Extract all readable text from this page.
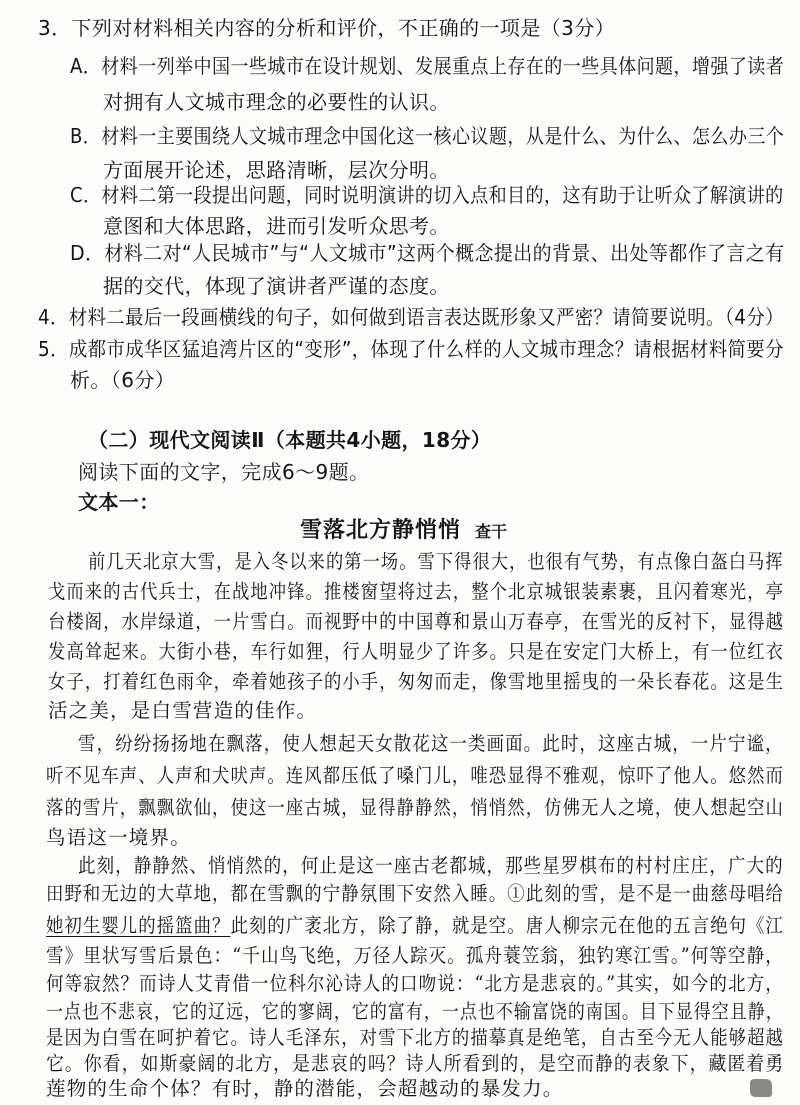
3．下列对材料相关内容的分析和评价，不正确的一项是（3分）
A．材料一列举中国一些城市在设计规划、发展重点上存在的一些具体问题，增强了读者
对拥有人文城市理念的必要性的认识。
B．材料一主要围绕人文城市理念中国化这一核心议题，从是什么、为什么、怎么办三个
方面展开论述，思路清晰，层次分明。
C．材料二第一段提出问题，同时说明演讲的切入点和目的，这有助于让听众了解演讲的
意图和大体思路，进而引发听众思考。
D．材料二对“人民城市”与“人文城市”这两个概念提出的背景、出处等都作了言之有
据的交代，体现了演讲者严谨的态度。
4．材料二最后一段画横线的句子，如何做到语言表达既形象又严密？请简要说明。（4分）
5．成都市成华区猛追湾片区的“变形”，体现了什么样的人文城市理念？请根据材料简要分
析。（6分）
（二）现代文阅读Ⅱ（本题共4小题，18分）
阅读下面的文字，完成6～9题。
文本一：
雪落北方静悄悄 查干
前几天北京大雪，是入冬以来的第一场。雪下得很大，也很有气势，有点像白盔白马挥
戈而来的古代兵士，在战地冲锋。推楼窗望将过去，整个北京城银装素裹，且闪着寒光，亭
台楼阁，水岸绿道，一片雪白。而视野中的中国尊和景山万春亭，在雪光的反衬下，显得越
发高耸起来。大街小巷，车行如狸，行人明显少了许多。只是在安定门大桥上，有一位红衣
女子，打着红色雨伞，牵着她孩子的小手，匆匆而走，像雪地里摇曳的一朵长春花。这是生
活之美，是白雪营造的佳作。
雪，纷纷扬扬地在飘落，使人想起天女散花这一类画面。此时，这座古城，一片宁谧，
听不见车声、人声和犬吠声。连风都压低了嗓门儿，唯恐显得不雅观，惊吓了他人。悠然而
落的雪片，飘飘欲仙，使这一座古城，显得静静然，悄悄然，仿佛无人之境，使人想起空山
鸟语这一境界。
此刻，静静然、悄悄然的，何止是这一座古老都城，那些星罗棋布的村村庄庄，广大的
田野和无边的大草地，都在雪飘的宁静氛围下安然入睡。①此刻的雪，是不是一曲慈母唱给
她初生婴儿的摇篮曲？此刻的广袤北方，除了静，就是空。唐人柳宗元在他的五言绝句《江
雪》里状写雪后景色：“千山鸟飞绝，万径人踪灭。孤舟蓑笠翁，独钓寒江雪。”何等空静，
何等寂然？而诗人艾青借一位科尔沁诗人的口吻说：“北方是悲哀的。”其实，如今的北方，
一点也不悲哀，它的辽远，它的寥阔，它的富有，一点也不输富饶的南国。目下显得空且静，
是因为白雪在呵护着它。诗人毛泽东，对雪下北方的描摹真是绝笔，自古至今无人能够超越
它。你看，如斯豪阔的北方，是悲哀的吗？诗人所看到的，是空而静的表象下，藏匿着勇
莲物的生命个体？有时，静的潜能，会超越动的暴发力。
